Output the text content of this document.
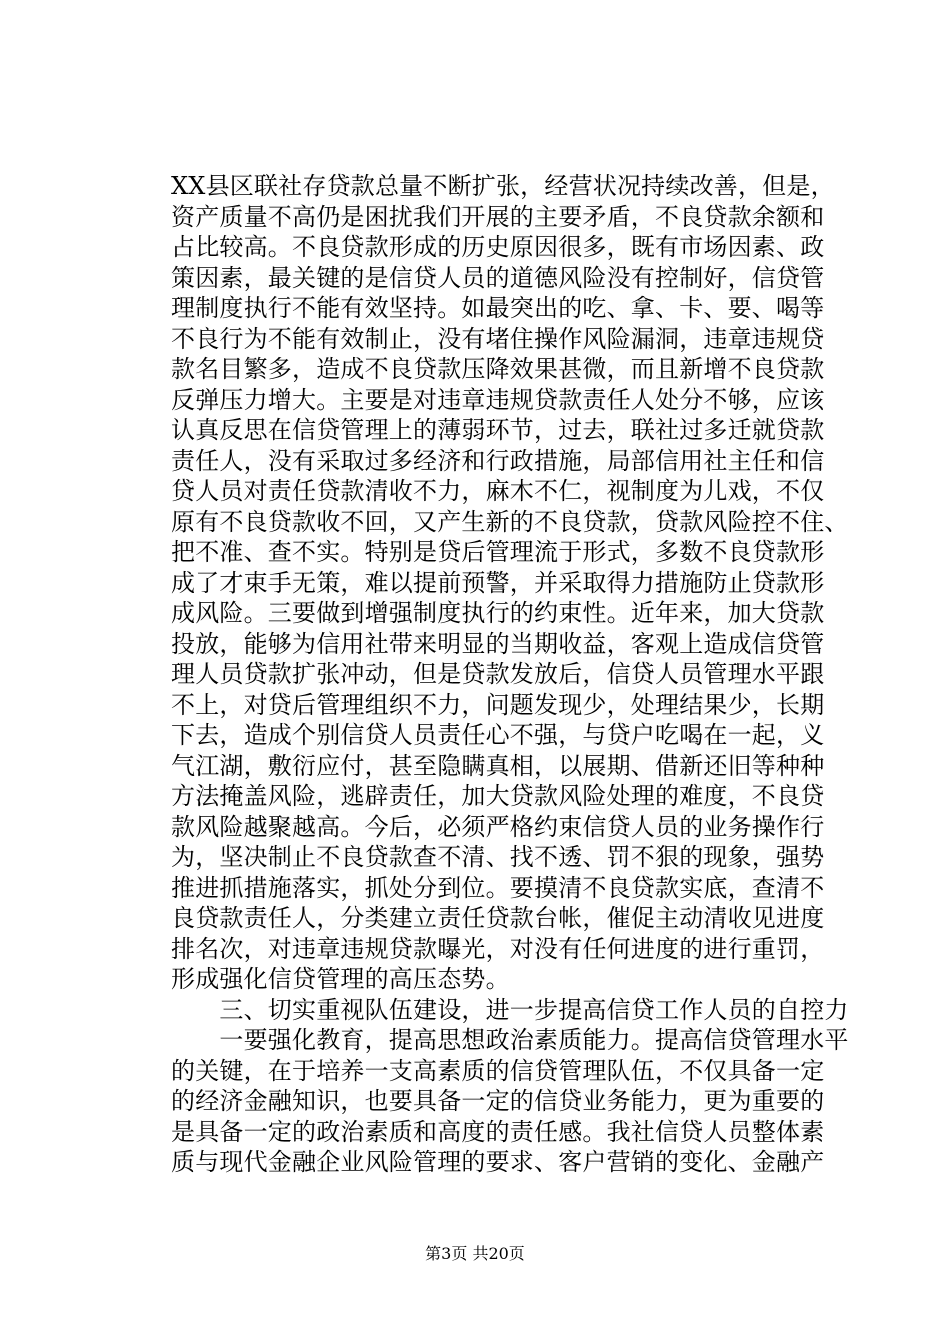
XX县区联社存贷款总量不断扩张，经营状况持续改善，但是，
资产质量不高仍是困扰我们开展的主要矛盾，不良贷款余额和
占比较高。不良贷款形成的历史原因很多，既有市场因素、政
策因素，最关键的是信贷人员的道德风险没有控制好，信贷管
理制度执行不能有效坚持。如最突出的吃、拿、卡、要、喝等
不良行为不能有效制止，没有堵住操作风险漏洞，违章违规贷
款名目繁多，造成不良贷款压降效果甚微，而且新增不良贷款
反弹压力增大。主要是对违章违规贷款责任人处分不够，应该
认真反思在信贷管理上的薄弱环节，过去，联社过多迁就贷款
责任人，没有采取过多经济和行政措施，局部信用社主任和信
贷人员对责任贷款清收不力，麻木不仁，视制度为儿戏，不仅
原有不良贷款收不回，又产生新的不良贷款，贷款风险控不住、
把不准、查不实。特别是贷后管理流于形式，多数不良贷款形
成了才束手无策，难以提前预警，并采取得力措施防止贷款形
成风险。三要做到增强制度执行的约束性。近年来，加大贷款
投放，能够为信用社带来明显的当期收益，客观上造成信贷管
理人员贷款扩张冲动，但是贷款发放后，信贷人员管理水平跟
不上，对贷后管理组织不力，问题发现少，处理结果少，长期
下去，造成个别信贷人员责任心不强，与贷户吃喝在一起，义
气江湖，敷衍应付，甚至隐瞒真相，以展期、借新还旧等种种
方法掩盖风险，逃辟责任，加大贷款风险处理的难度，不良贷
款风险越聚越高。今后，必须严格约束信贷人员的业务操作行
为，坚决制止不良贷款查不清、找不透、罚不狠的现象，强势
推进抓措施落实，抓处分到位。要摸清不良贷款实底，查清不
良贷款责任人，分类建立责任贷款台帐，催促主动清收见进度
排名次，对违章违规贷款曝光，对没有任何进度的进行重罚，
形成强化信贷管理的高压态势。
　　三、切实重视队伍建设，进一步提高信贷工作人员的自控力
　　一要强化教育，提高思想政治素质能力。提高信贷管理水平
的关键，在于培养一支高素质的信贷管理队伍，不仅具备一定
的经济金融知识，也要具备一定的信贷业务能力，更为重要的
是具备一定的政治素质和高度的责任感。我社信贷人员整体素
质与现代金融企业风险管理的要求、客户营销的变化、金融产
第3页 共20页
